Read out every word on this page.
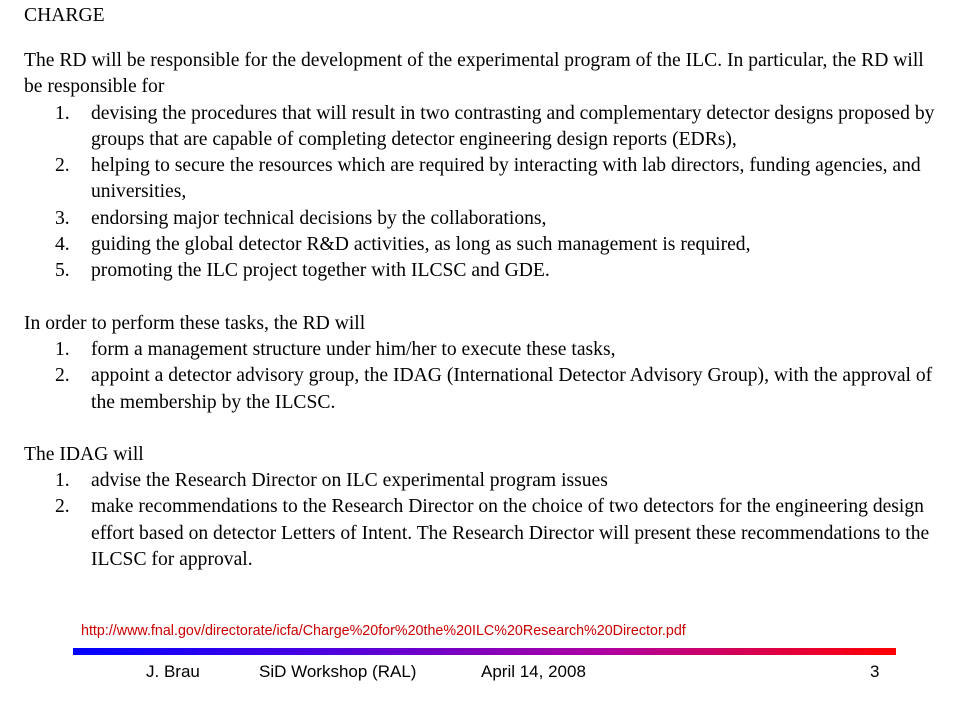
CHARGE

The RD will be responsible for the development of the experimental program of the ILC. In particular, the RD will be responsible for

1.	devising the procedures that will result in two contrasting and complementary detector designs proposed by groups that are capable of completing detector engineering design reports (EDRs),
2.	helping to secure the resources which are required by interacting with lab directors, funding agencies, and universities,
3.	endorsing major technical decisions by the collaborations,
4.	guiding the global detector R&D activities, as long as such management is required,
5.	promoting the ILC project together with ILCSC and GDE.

In order to perform these tasks, the RD will

1.	form a management structure under him/her to execute these tasks,
2.	appoint a detector advisory group, the IDAG (International Detector Advisory Group), with the approval of the membership by the ILCSC.

The IDAG will

1.	advise the Research Director on ILC experimental program issues
2.	make recommendations to the Research Director on the choice of two detectors for the engineering design effort based on detector Letters of Intent. The Research Director will present these recommendations to the ILCSC for approval.
http://www.fnal.gov/directorate/icfa/Charge%20for%20the%20ILC%20Research%20Director.pdf
J. Brau	SiD Workshop (RAL)	April 14, 2008	3
